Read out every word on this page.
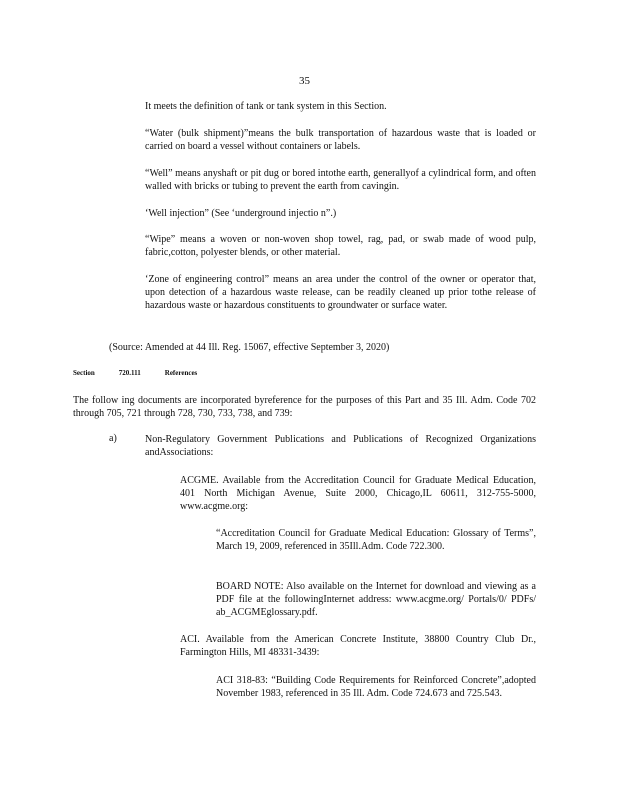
35
It meets the definition of tank or tank system in this Section.
“Water (bulk shipment)”means the bulk transportation of hazardous waste that is loaded or carried on board a vessel without containers or labels.
“Well” means anyshaft or pit dug or bored intothe earth, generallyof a cylindrical form, and often walled with bricks or tubing to prevent the earth from cavingin.
‘Well injection” (See ‘underground injectio n”.)
“Wipe” means a woven or non-woven shop towel, rag, pad, or swab made of wood pulp, fabric,cotton, polyester blends, or other material.
‘Zone of engineering control” means an area under the control of the owner or operator that, upon detection of a hazardous waste release, can be readily cleaned up prior tothe release of hazardous waste or hazardous constituents to groundwater or surface water.
(Source: Amended at 44 Ill. Reg. 15067, effective September 3, 2020)
Section	720.111	References
The follow ing documents are incorporated byreference for the purposes of this Part and 35 Ill. Adm. Code 702 through 705, 721 through 728, 730, 733, 738, and 739:
a)	Non-Regulatory Government Publications and Publications of Recognized Organizations andAssociations:
ACGME. Available from the Accreditation Council for Graduate Medical Education, 401 North Michigan Avenue, Suite 2000, Chicago,IL 60611, 312-755-5000, www.acgme.org:
“Accreditation Council for Graduate Medical Education: Glossary of Terms”, March 19, 2009, referenced in 35Ill.Adm. Code 722.300.
BOARD NOTE: Also available on the Internet for download and viewing as a PDF file at the followingInternet address: www.acgme.org/ Portals/0/ PDFs/ ab_ACGMEglossary.pdf.
ACI. Available from the American Concrete Institute, 38800 Country Club Dr., Farmington Hills, MI 48331-3439:
ACI 318-83: “Building Code Requirements for Reinforced Concrete”,adopted November 1983, referenced in 35 Ill. Adm. Code 724.673 and 725.543.
